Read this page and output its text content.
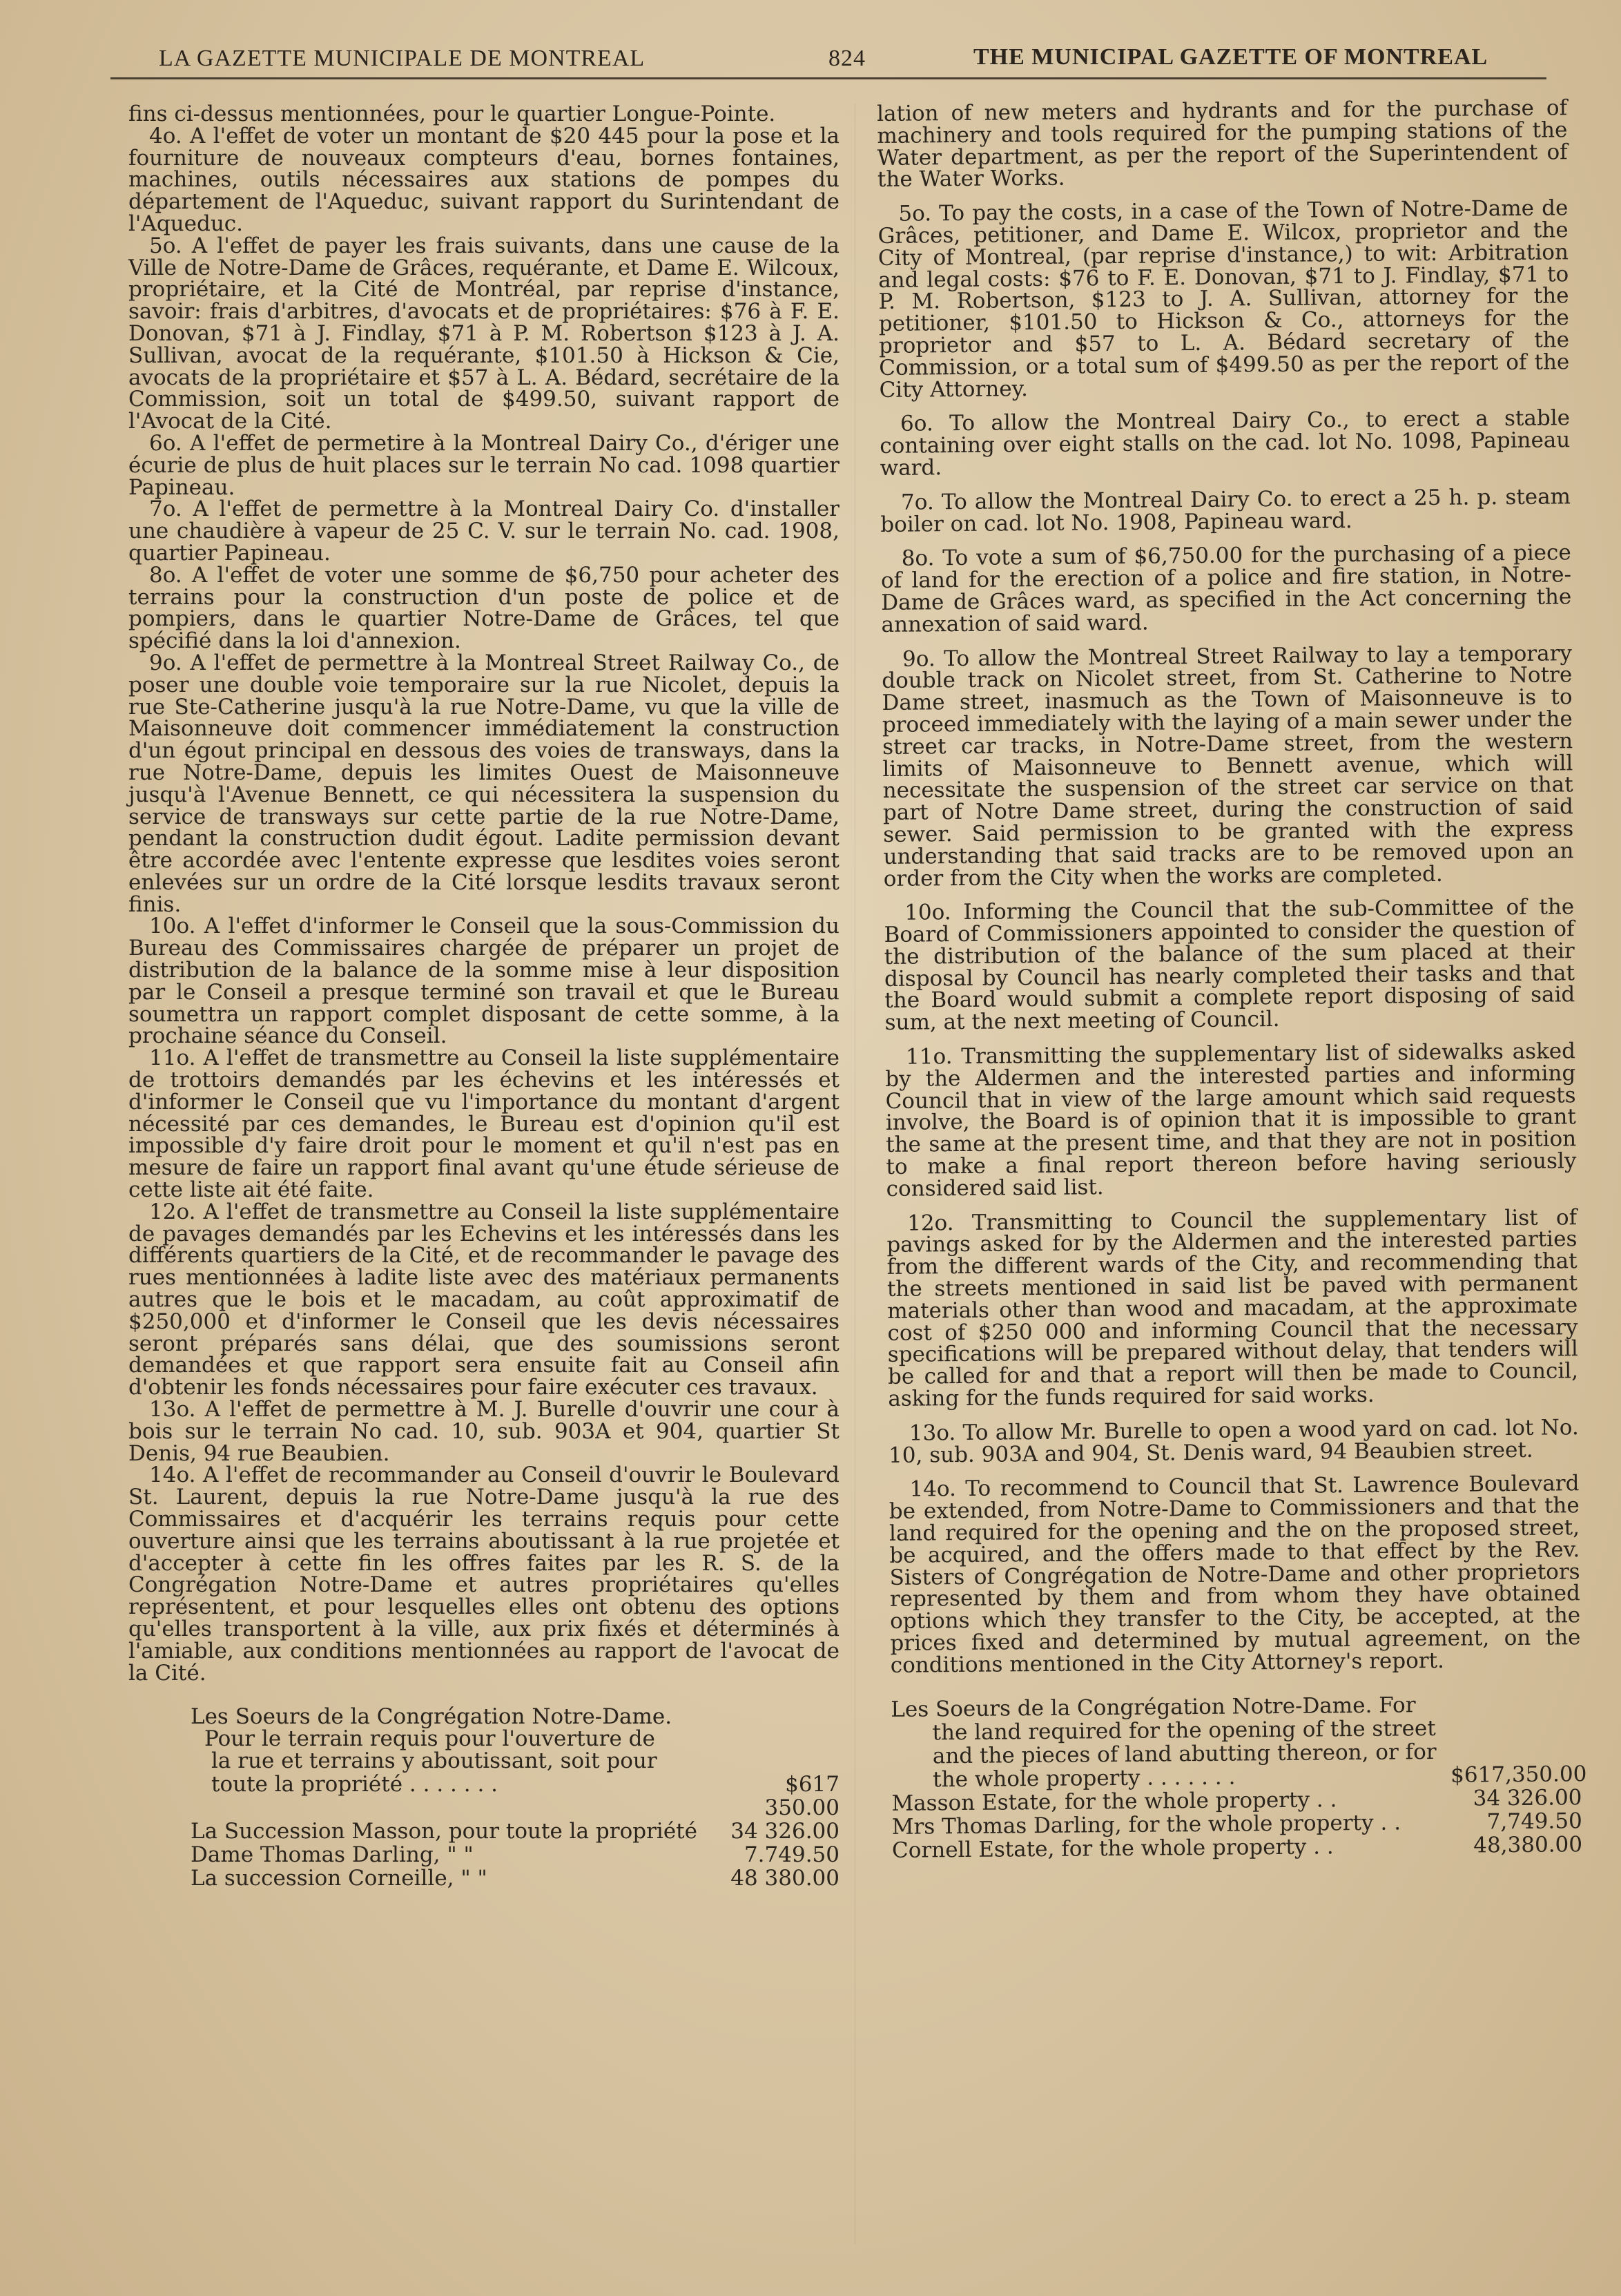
LA GAZETTE MUNICIPALE DE MONTREAL	824	THE MUNICIPAL GAZETTE OF MONTREAL

fins ci-dessus mentionnées, pour le quartier Longue-Pointe.

4o. A l'effet de voter un montant de $20 445 pour la pose et la fourniture de nouveaux compteurs d'eau, bornes fontaines, machines, outils nécessaires aux stations de pompes du département de l'Aqueduc, suivant rapport du Surintendant de l'Aqueduc.

5o. A l'effet de payer les frais suivants, dans une cause de la Ville de Notre-Dame de Grâces, requérante, et Dame E. Wilcoux, propriétaire, et la Cité de Montréal, par reprise d'instance, savoir: frais d'arbitres, d'avocats et de propriétaires: $76 à F. E. Donovan, $71 à J. Findlay, $71 à P. M. Robertson $123 à J. A. Sullivan, avocat de la requérante, $101.50 à Hickson & Cie, avocats de la propriétaire et $57 à L. A. Bédard, secrétaire de la Commission, soit un total de $499.50, suivant rapport de l'Avocat de la Cité.

6o. A l'effet de permetire à la Montreal Dairy Co., d'ériger une écurie de plus de huit places sur le terrain No cad. 1098 quartier Papineau.

7o. A l'effet de permettre à la Montreal Dairy Co. d'installer une chaudière à vapeur de 25 C. V. sur le terrain No. cad. 1908, quartier Papineau.

8o. A l'effet de voter une somme de $6,750 pour acheter des terrains pour la construction d'un poste de police et de pompiers, dans le quartier Notre-Dame de Grâces, tel que spécifié dans la loi d'annexion.

9o. A l'effet de permettre à la Montreal Street Railway Co., de poser une double voie temporaire sur la rue Nicolet, depuis la rue Ste-Catherine jusqu'à la rue Notre-Dame, vu que la ville de Maisonneuve doit commencer immédiatement la construction d'un égout principal en dessous des voies de transways, dans la rue Notre-Dame, depuis les limites Ouest de Maisonneuve jusqu'à l'Avenue Bennett, ce qui nécessitera la suspension du service de transways sur cette partie de la rue Notre-Dame, pendant la construction dudit égout. Ladite permission devant être accordée avec l'entente expresse que lesdites voies seront enlevées sur un ordre de la Cité lorsque lesdits travaux seront finis.

10o. A l'effet d'informer le Conseil que la sous-Commission du Bureau des Commissaires chargée de préparer un projet de distribution de la balance de la somme mise à leur disposition par le Conseil a presque terminé son travail et que le Bureau soumettra un rapport complet disposant de cette somme, à la prochaine séance du Conseil.

11o. A l'effet de transmettre au Conseil la liste supplémentaire de trottoirs demandés par les échevins et les intéressés et d'informer le Conseil que vu l'importance du montant d'argent nécessité par ces demandes, le Bureau est d'opinion qu'il est impossible d'y faire droit pour le moment et qu'il n'est pas en mesure de faire un rapport final avant qu'une étude sérieuse de cette liste ait été faite.

12o. A l'effet de transmettre au Conseil la liste supplémentaire de pavages demandés par les Echevins et les intéressés dans les différents quartiers de la Cité, et de recommander le pavage des rues mentionnées à ladite liste avec des matériaux permanents autres que le bois et le macadam, au coût approximatif de $250,000 et d'informer le Conseil que les devis nécessaires seront préparés sans délai, que des soumissions seront demandées et que rapport sera ensuite fait au Conseil afin d'obtenir les fonds nécessaires pour faire exécuter ces travaux.

13o. A l'effet de permettre à M. J. Burelle d'ouvrir une cour à bois sur le terrain No cad. 10, sub. 903A et 904, quartier St Denis, 94 rue Beaubien.

14o. A l'effet de recommander au Conseil d'ouvrir le Boulevard St. Laurent, depuis la rue Notre-Dame jusqu'à la rue des Commissaires et d'acquérir les terrains requis pour cette ouverture ainsi que les terrains aboutissant à la rue projetée et d'accepter à cette fin les offres faites par les R. S. de la Congrégation Notre-Dame et autres propriétaires qu'elles représentent, et pour lesquelles elles ont obtenu des options qu'elles transportent à la ville, aux prix fixés et déterminés à l'amiable, aux conditions mentionnées au rapport de l'avocat de la Cité.

Les Soeurs de la Congrégation Notre-Dame.
Pour le terrain requis pour l'ouverture de
la rue et terrains y aboutissant, soit pour
toute la propriété . . . . . . .	$617 350.00
La Succession Masson, pour toute la propriété	34 326.00
Dame Thomas Darling, " "	7.749.50
La succession Corneille, " "	48 380.00

lation of new meters and hydrants and for the purchase of machinery and tools required for the pumping stations of the Water department, as per the report of the Superintendent of the Water Works.

5o. To pay the costs, in a case of the Town of Notre-Dame de Grâces, petitioner, and Dame E. Wilcox, proprietor and the City of Montreal, (par reprise d'instance,) to wit: Arbitration and legal costs: $76 to F. E. Donovan, $71 to J. Findlay, $71 to P. M. Robertson, $123 to J. A. Sullivan, attorney for the petitioner, $101.50 to Hickson & Co., attorneys for the proprietor and $57 to L. A. Bédard secretary of the Commission, or a total sum of $499.50 as per the report of the City Attorney.

6o. To allow the Montreal Dairy Co., to erect a stable containing over eight stalls on the cad. lot No. 1098, Papineau ward.

7o. To allow the Montreal Dairy Co. to erect a 25 h. p. steam boiler on cad. lot No. 1908, Papineau ward.

8o. To vote a sum of $6,750.00 for the purchasing of a piece of land for the erection of a police and fire station, in Notre-Dame de Grâces ward, as specified in the Act concerning the annexation of said ward.

9o. To allow the Montreal Street Railway to lay a temporary double track on Nicolet street, from St. Catherine to Notre Dame street, inasmuch as the Town of Maisonneuve is to proceed immediately with the laying of a main sewer under the street car tracks, in Notre-Dame street, from the western limits of Maisonneuve to Bennett avenue, which will necessitate the suspension of the street car service on that part of Notre Dame street, during the construction of said sewer. Said permission to be granted with the express understanding that said tracks are to be removed upon an order from the City when the works are completed.

10o. Informing the Council that the sub-Committee of the Board of Commissioners appointed to consider the question of the distribution of the balance of the sum placed at their disposal by Council has nearly completed their tasks and that the Board would submit a complete report disposing of said sum, at the next meeting of Council.

11o. Transmitting the supplementary list of sidewalks asked by the Aldermen and the interested parties and informing Council that in view of the large amount which said requests involve, the Board is of opinion that it is impossible to grant the same at the present time, and that they are not in position to make a final report thereon before having seriously considered said list.

12o. Transmitting to Council the supplementary list of pavings asked for by the Aldermen and the interested parties from the different wards of the City, and recommending that the streets mentioned in said list be paved with permanent materials other than wood and macadam, at the approximate cost of $250 000 and informing Council that the necessary specifications will be prepared without delay, that tenders will be called for and that a report will then be made to Council, asking for the funds required for said works.

13o. To allow Mr. Burelle to open a wood yard on cad. lot No. 10, sub. 903A and 904, St. Denis ward, 94 Beaubien street.

14o. To recommend to Council that St. Lawrence Boulevard be extended, from Notre-Dame to Commissioners and that the land required for the opening and the on the proposed street, be acquired, and the offers made to that effect by the Rev. Sisters of Congrégation de Notre-Dame and other proprietors represented by them and from whom they have obtained options which they transfer to the City, be accepted, at the prices fixed and determined by mutual agreement, on the conditions mentioned in the City Attorney's report.

Les Soeurs de la Congrégation Notre-Dame. For
the land required for the opening of the street
and the pieces of land abutting thereon, or for
the whole property . . . . . . .	$617,350.00
Masson Estate, for the whole property . .	34 326.00
Mrs Thomas Darling, for the whole property . .	7,749.50
Cornell Estate, for the whole property . .	48,380.00
